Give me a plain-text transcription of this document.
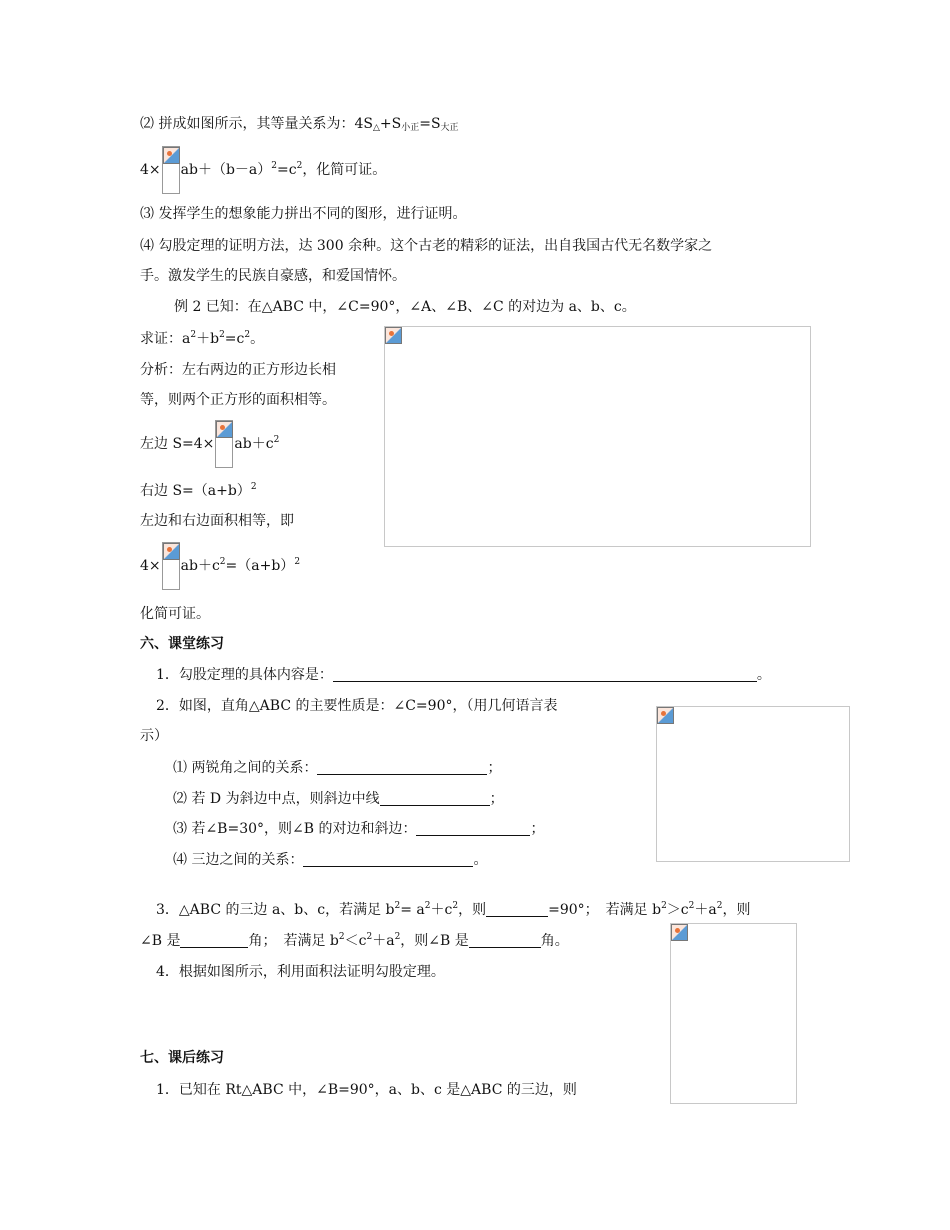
⑵ 拼成如图所示，其等量关系为：$4S_\triangle+S_{小正}=S_{大正}$
$4\times ab+(b-a)^2=c^2$，化简可证。
⑶ 发挥学生的想象能力拼出不同的图形，进行证明。
⑷ 勾股定理的证明方法，达 300 余种。这个古老的精彩的证法，出自我国古代无名数学家之
手。激发学生的民族自豪感，和爱国情怀。
例 2 已知：在△ABC 中，∠C=90°，∠A、∠B、∠C 的对边为 a、b、c。
求证：$a^2+b^2=c^2$。
分析：左右两边的正方形边长相
等，则两个正方形的面积相等。
左边 $S=4\times ab+c^2$
右边 $S=(a+b)^2$
左边和右边面积相等，即
$4\times ab+c^2=(a+b)^2$
化简可证。
六、课堂练习
1．勾股定理的具体内容是：	。
2．如图，直角△ABC 的主要性质是：∠C=90°，（用几何语言表
示）
⑴ 两锐角之间的关系：	；
⑵ 若 D 为斜边中点，则斜边中线	；
⑶ 若∠B=30°，则∠B 的对边和斜边：	；
⑷ 三边之间的关系：	。
3．△ABC 的三边 a、b、c，若满足 $b^2= a^2+c^2$，则	=90°；　若满足 $b^2>c^2+a^2$，则
∠B 是	角；　若满足 $b^2<c^2+a^2$，则∠B 是	角。
4．根据如图所示，利用面积法证明勾股定理。
七、课后练习
1．已知在 Rt△ABC 中，∠B=90°，a、b、c 是△ABC 的三边，则
